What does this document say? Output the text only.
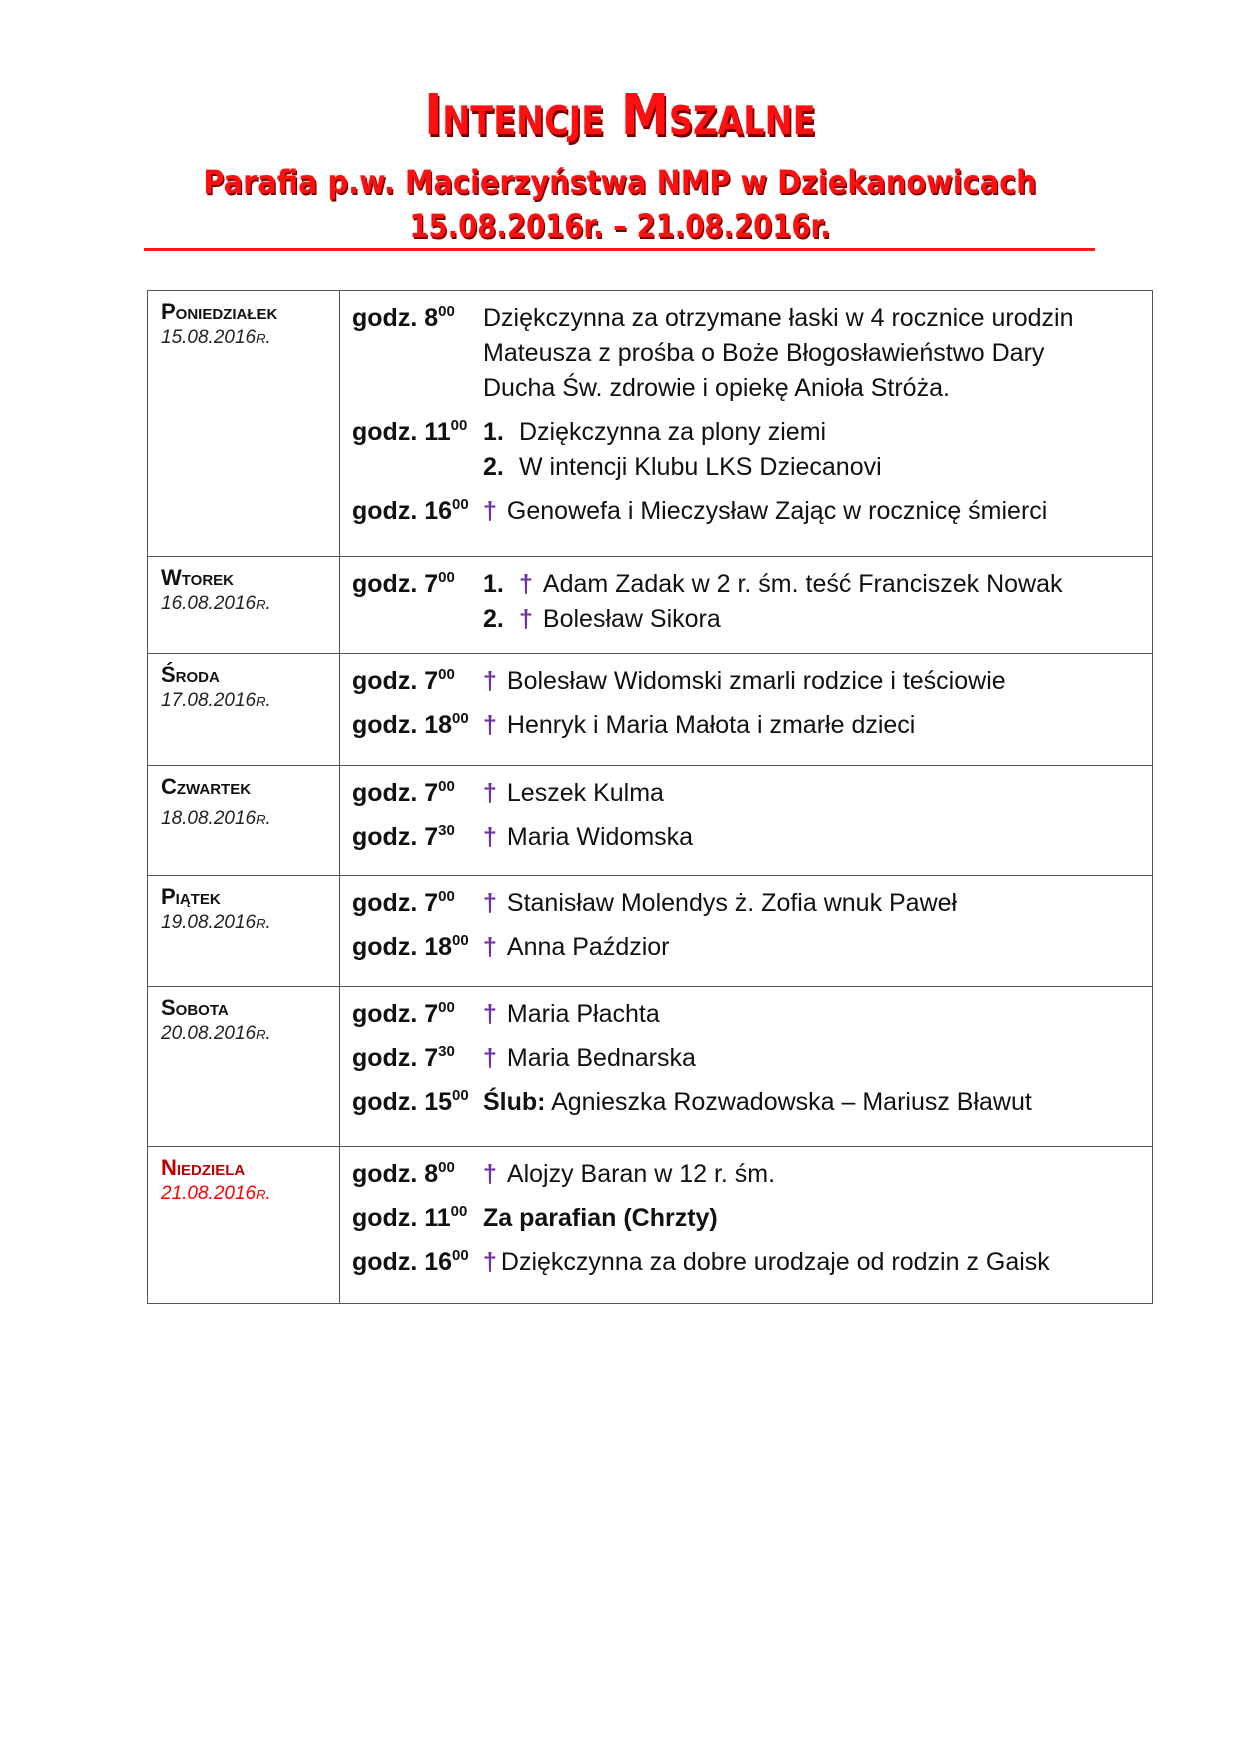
Intencje Mszalne
Parafia p.w. Macierzyństwa NMP w Dziekanowicach
15.08.2016r. – 21.08.2016r.
Poniedziałek
15.08.2016r.
godz. $8^{00}$	Dziękczynna za otrzymane łaski w 4 rocznice urodzin
Mateusza z prośba o Boże Błogosławieństwo Dary
Ducha Św. zdrowie i opiekę Anioła Stróża.
godz. $11^{00}$ 1. Dziękczynna za plony ziemi
2. W intencji Klubu LKS Dziecanovi
godz. $16^{00}$ † Genowefa i Mieczysław Zając w rocznicę śmierci
Wtorek
16.08.2016r.
godz. $7^{00}$	1. † Adam Zadak w 2 r. śm. teść Franciszek Nowak
2. † Bolesław Sikora
Środa
17.08.2016r.
godz. $7^{00}$	† Bolesław Widomski zmarli rodzice i teściowie
godz. $18^{00}$ † Henryk i Maria Małota i zmarłe dzieci
Czwartek
18.08.2016r.
godz. $7^{00}$	† Leszek Kulma
godz. $7^{30}$	† Maria Widomska
Piątek
19.08.2016r.
godz. $7^{00}$	† Stanisław Molendys ż. Zofia wnuk Paweł
godz. $18^{00}$ † Anna Paździor
Sobota
20.08.2016r.
godz. $7^{00}$	† Maria Płachta
godz. $7^{30}$	† Maria Bednarska
godz. $15^{00}$ Ślub: Agnieszka Rozwadowska – Mariusz Bławut
Niedziela
21.08.2016r.
godz. $8^{00}$	† Alojzy Baran w 12 r. śm.
godz. $11^{00}$ Za parafian (Chrzty)
godz. $16^{00}$ † Dziękczynna za dobre urodzaje od rodzin z Gaisk
